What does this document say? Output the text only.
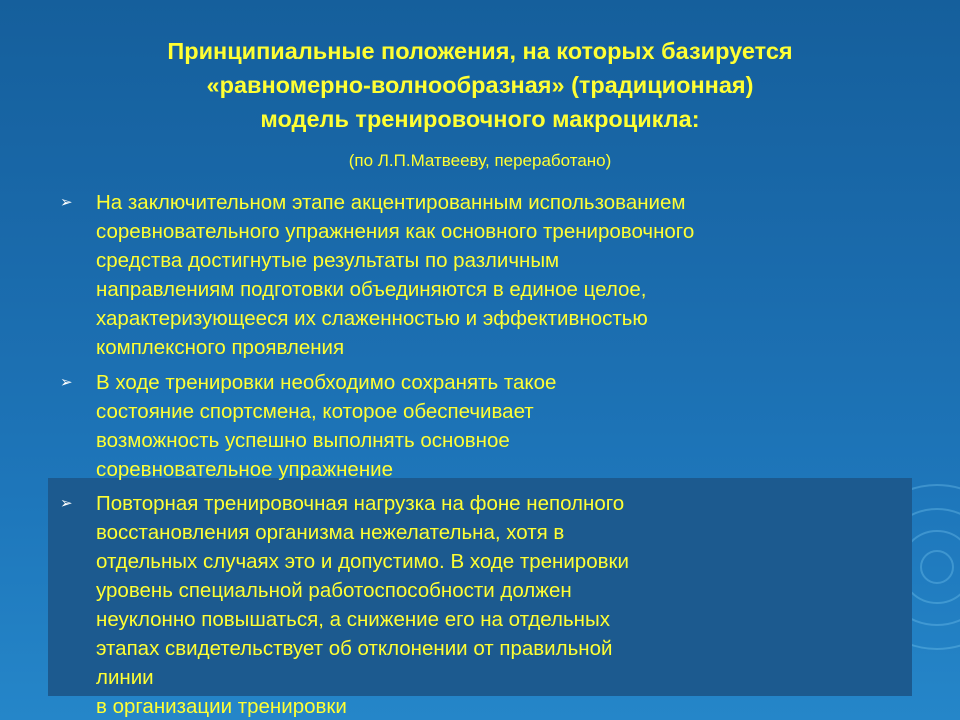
Принципиальные положения, на которых базируется
«равномерно-волнообразная» (традиционная)
модель тренировочного макроцикла:
(по Л.П.Матвееву, переработано)
➢ На заключительном этапе акцентированным использованием
соревновательного упражнения как основного тренировочного
средства достигнутые результаты по различным
направлениям подготовки объединяются в единое целое,
характеризующееся их слаженностью и эффективностью
комплексного проявления
➢ В ходе тренировки необходимо сохранять такое
состояние спортсмена, которое обеспечивает
возможность успешно выполнять основное
соревновательное упражнение
➢ Повторная тренировочная нагрузка на фоне неполного
восстановления организма нежелательна, хотя в
отдельных случаях это и допустимо. В ходе тренировки
уровень специальной работоспособности должен
неуклонно повышаться, а снижение его на отдельных
этапах свидетельствует об отклонении от правильной
линии
в организации тренировки
